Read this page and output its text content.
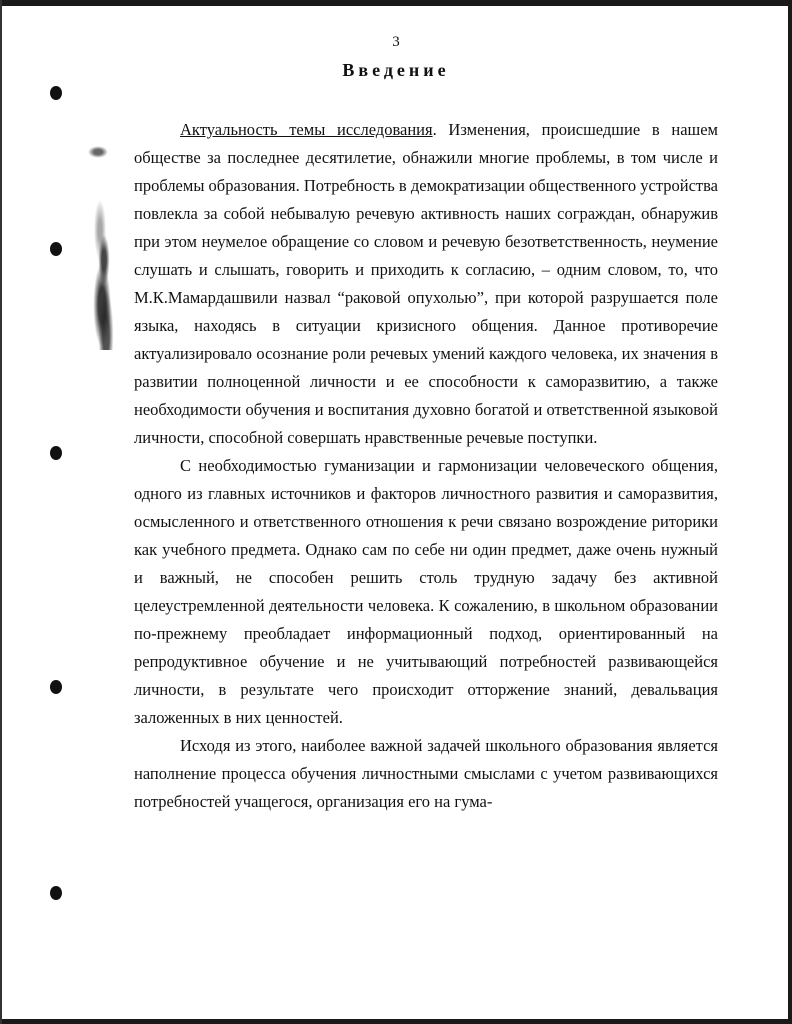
3
Введение

Актуальность темы исследования. Изменения, происшедшие в нашем обществе за последнее десятилетие, обнажили многие проблемы, в том числе и проблемы образования. Потребность в демократизации общественного устройства повлекла за собой небывалую речевую активность наших сограждан, обнаружив при этом неумелое обращение со словом и речевую безответственность, неумение слушать и слышать, говорить и приходить к согласию, – одним словом, то, что М.К.Мамардашвили назвал “раковой опухолью”, при которой разрушается поле языка, находясь в ситуации кризисного общения. Данное противоречие актуализировало осознание роли речевых умений каждого человека, их значения в развитии полноценной личности и ее способности к саморазвитию, а также необходимости обучения и воспитания духовно богатой и ответственной языковой личности, способной совершать нравственные речевые поступки.

С необходимостью гуманизации и гармонизации человеческого общения, одного из главных источников и факторов личностного развития и саморазвития, осмысленного и ответственного отношения к речи связано возрождение риторики как учебного предмета. Однако сам по себе ни один предмет, даже очень нужный и важный, не способен решить столь трудную задачу без активной целеустремленной деятельности человека. К сожалению, в школьном образовании по-прежнему преобладает информационный подход, ориентированный на репродуктивное обучение и не учитывающий потребностей развивающейся личности, в результате чего происходит отторжение знаний, девальвация заложенных в них ценностей.

Исходя из этого, наиболее важной задачей школьного образования является наполнение процесса обучения личностными смыслами с учетом развивающихся потребностей учащегося, организация его на гума-
